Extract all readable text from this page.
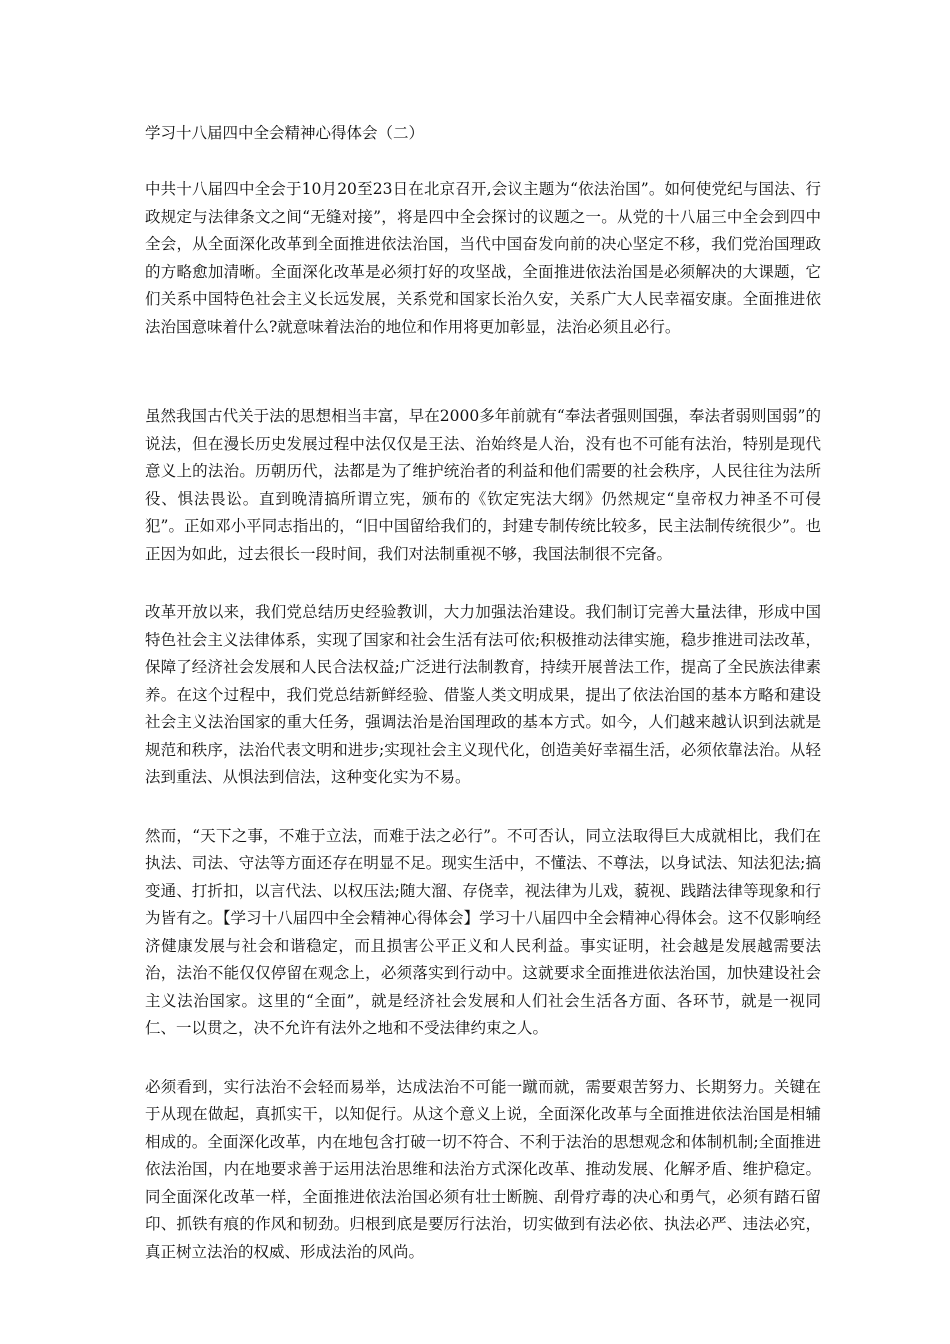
学习十八届四中全会精神心得体会（二）

中共十八届四中全会于10月20至23日在北京召开,会议主题为“依法治国”。如何使党纪与国法、行政规定与法律条文之间“无缝对接”，将是四中全会探讨的议题之一。从党的十八届三中全会到四中全会，从全面深化改革到全面推进依法治国，当代中国奋发向前的决心坚定不移，我们党治国理政的方略愈加清晰。全面深化改革是必须打好的攻坚战，全面推进依法治国是必须解决的大课题，它们关系中国特色社会主义长远发展，关系党和国家长治久安，关系广大人民幸福安康。全面推进依法治国意味着什么?就意味着法治的地位和作用将更加彰显，法治必须且必行。

虽然我国古代关于法的思想相当丰富，早在2000多年前就有“奉法者强则国强，奉法者弱则国弱”的说法，但在漫长历史发展过程中法仅仅是王法、治始终是人治，没有也不可能有法治，特别是现代意义上的法治。历朝历代，法都是为了维护统治者的利益和他们需要的社会秩序，人民往往为法所役、惧法畏讼。直到晚清搞所谓立宪，颁布的《钦定宪法大纲》仍然规定“皇帝权力神圣不可侵犯”。正如邓小平同志指出的，“旧中国留给我们的，封建专制传统比较多，民主法制传统很少”。也正因为如此，过去很长一段时间，我们对法制重视不够，我国法制很不完备。

改革开放以来，我们党总结历史经验教训，大力加强法治建设。我们制订完善大量法律，形成中国特色社会主义法律体系，实现了国家和社会生活有法可依;积极推动法律实施，稳步推进司法改革，保障了经济社会发展和人民合法权益;广泛进行法制教育，持续开展普法工作，提高了全民族法律素养。在这个过程中，我们党总结新鲜经验、借鉴人类文明成果，提出了依法治国的基本方略和建设社会主义法治国家的重大任务，强调法治是治国理政的基本方式。如今，人们越来越认识到法就是规范和秩序，法治代表文明和进步;实现社会主义现代化，创造美好幸福生活，必须依靠法治。从轻法到重法、从惧法到信法，这种变化实为不易。

然而，“天下之事，不难于立法，而难于法之必行”。不可否认，同立法取得巨大成就相比，我们在执法、司法、守法等方面还存在明显不足。现实生活中，不懂法、不尊法，以身试法、知法犯法;搞变通、打折扣，以言代法、以权压法;随大溜、存侥幸，视法律为儿戏，藐视、践踏法律等现象和行为皆有之。【学习十八届四中全会精神心得体会】学习十八届四中全会精神心得体会。这不仅影响经济健康发展与社会和谐稳定，而且损害公平正义和人民利益。事实证明，社会越是发展越需要法治，法治不能仅仅停留在观念上，必须落实到行动中。这就要求全面推进依法治国，加快建设社会主义法治国家。这里的“全面”，就是经济社会发展和人们社会生活各方面、各环节，就是一视同仁、一以贯之，决不允许有法外之地和不受法律约束之人。

必须看到，实行法治不会轻而易举，达成法治不可能一蹴而就，需要艰苦努力、长期努力。关键在于从现在做起，真抓实干，以知促行。从这个意义上说，全面深化改革与全面推进依法治国是相辅相成的。全面深化改革，内在地包含打破一切不符合、不利于法治的思想观念和体制机制;全面推进依法治国，内在地要求善于运用法治思维和法治方式深化改革、推动发展、化解矛盾、维护稳定。同全面深化改革一样，全面推进依法治国必须有壮士断腕、刮骨疗毒的决心和勇气，必须有踏石留印、抓铁有痕的作风和韧劲。归根到底是要厉行法治，切实做到有法必依、执法必严、违法必究，真正树立法治的权威、形成法治的风尚。
